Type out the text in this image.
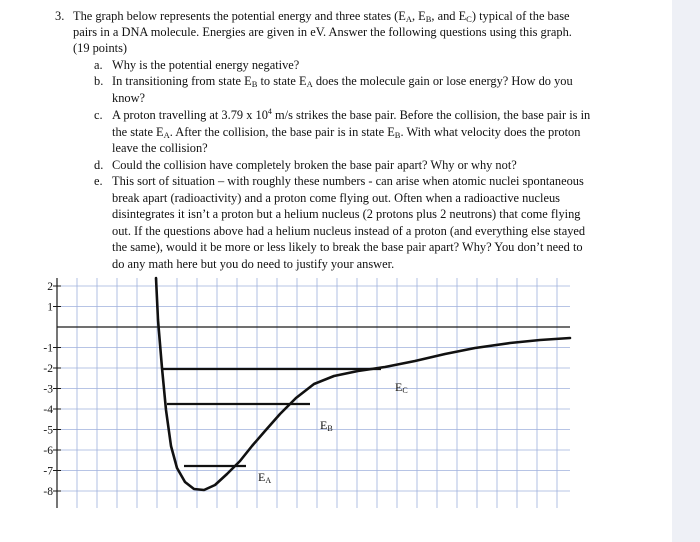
3. The graph below represents the potential energy and three states ($E_A$, $E_B$, and $E_C$) typical of the base
pairs in a DNA molecule. Energies are given in eV. Answer the following questions using this graph.
(19 points)
a. Why is the potential energy negative?
b. In transitioning from state $E_B$ to state $E_A$ does the molecule gain or lose energy? How do you
know?
c. A proton travelling at 3.79 x $10^4$ m/s strikes the base pair. Before the collision, the base pair is in
the state $E_A$. After the collision, the base pair is in state $E_B$. With what velocity does the proton
leave the collision?
d. Could the collision have completely broken the base pair apart? Why or why not?
e. This sort of situation – with roughly these numbers - can arise when atomic nuclei spontaneous
break apart (radioactivity) and a proton come flying out. Often when a radioactive nucleus
disintegrates it isn’t a proton but a helium nucleus (2 protons plus 2 neutrons) that come flying
out. If the questions above had a helium nucleus instead of a proton (and everything else stayed
the same), would it be more or less likely to break the base pair apart? Why? You don’t need to
do any math here but you do need to justify your answer.
2
1
-1
-2
-3
-4
-5
-6
-7
-8
EA
EB
EC
